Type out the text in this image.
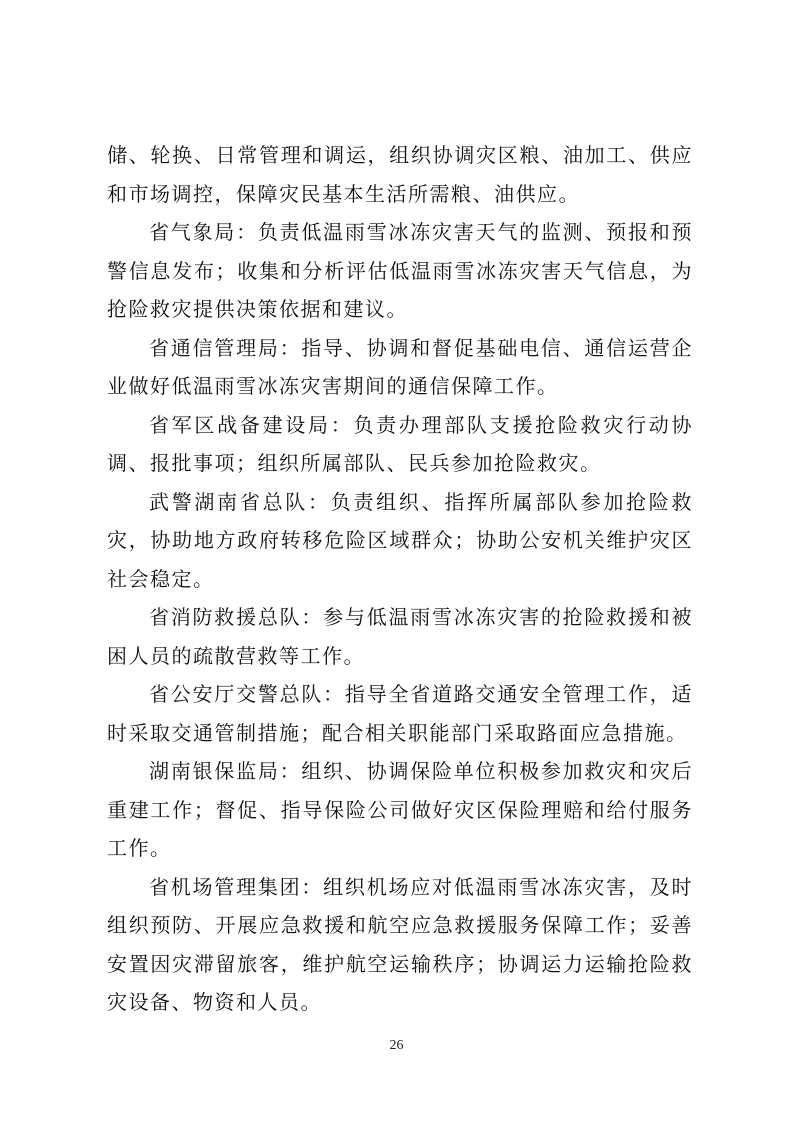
储、轮换、日常管理和调运，组织协调灾区粮、油加工、供应和市场调控，保障灾民基本生活所需粮、油供应。

省气象局：负责低温雨雪冰冻灾害天气的监测、预报和预警信息发布；收集和分析评估低温雨雪冰冻灾害天气信息，为抢险救灾提供决策依据和建议。

省通信管理局：指导、协调和督促基础电信、通信运营企业做好低温雨雪冰冻灾害期间的通信保障工作。

省军区战备建设局：负责办理部队支援抢险救灾行动协调、报批事项；组织所属部队、民兵参加抢险救灾。

武警湖南省总队：负责组织、指挥所属部队参加抢险救灾，协助地方政府转移危险区域群众；协助公安机关维护灾区社会稳定。

省消防救援总队：参与低温雨雪冰冻灾害的抢险救援和被困人员的疏散营救等工作。

省公安厅交警总队：指导全省道路交通安全管理工作，适时采取交通管制措施；配合相关职能部门采取路面应急措施。

湖南银保监局：组织、协调保险单位积极参加救灾和灾后重建工作；督促、指导保险公司做好灾区保险理赔和给付服务工作。

省机场管理集团：组织机场应对低温雨雪冰冻灾害，及时组织预防、开展应急救援和航空应急救援服务保障工作；妥善安置因灾滞留旅客，维护航空运输秩序；协调运力运输抢险救灾设备、物资和人员。

26
